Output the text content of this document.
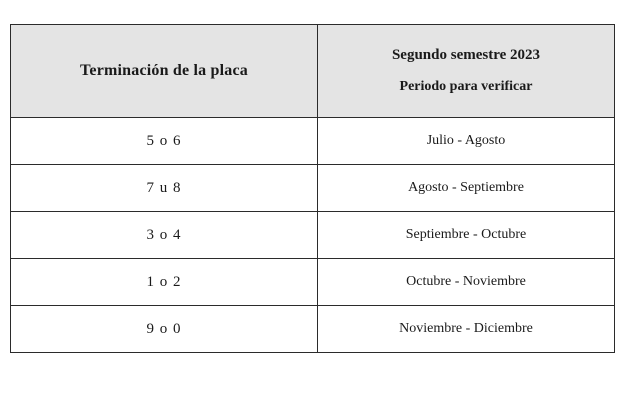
Terminación de la placa	Segundo semestre 2023
Periodo para verificar

5 o 6	Julio - Agosto
7 u 8	Agosto - Septiembre
3 o 4	Septiembre - Octubre
1 o 2	Octubre - Noviembre
9 o 0	Noviembre - Diciembre
